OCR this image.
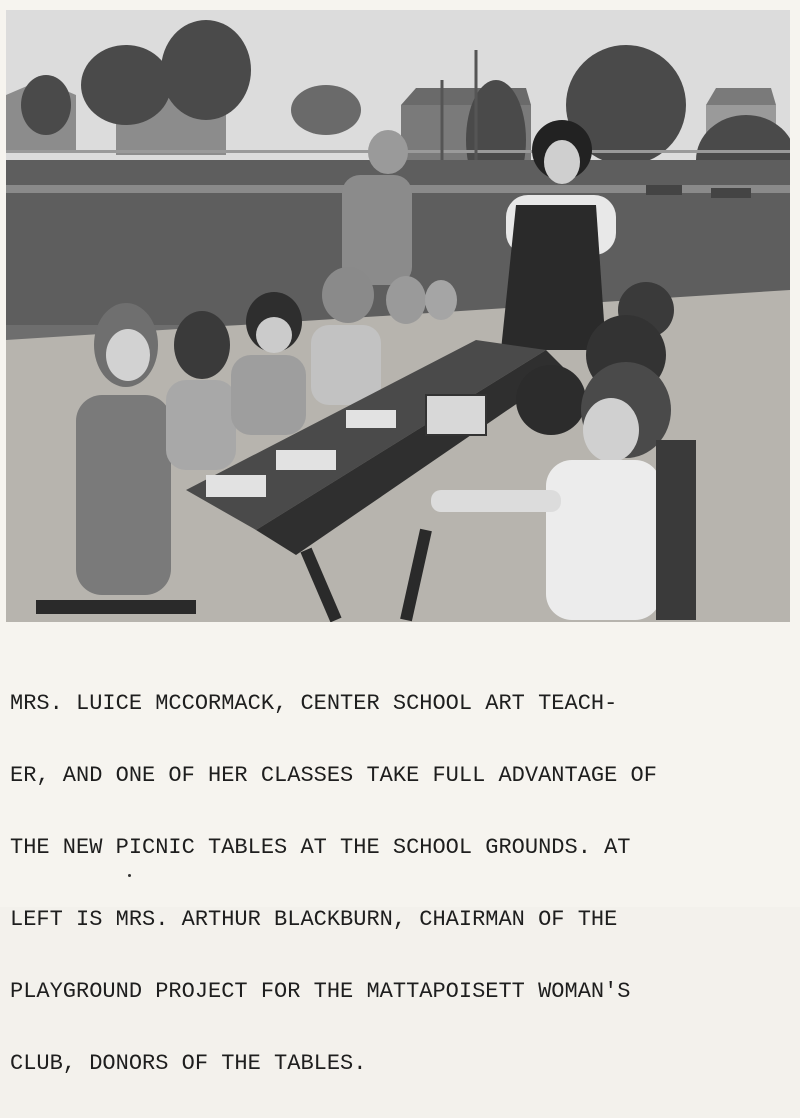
MRS. LUICE MCCORMACK, CENTER SCHOOL ART TEACH-

ER, AND ONE OF HER CLASSES TAKE FULL ADVANTAGE OF

THE NEW PICNIC TABLES AT THE SCHOOL GROUNDS. AT

LEFT IS MRS. ARTHUR BLACKBURN, CHAIRMAN OF THE

PLAYGROUND PROJECT FOR THE MATTAPOISETT WOMAN'S

CLUB, DONORS OF THE TABLES.
